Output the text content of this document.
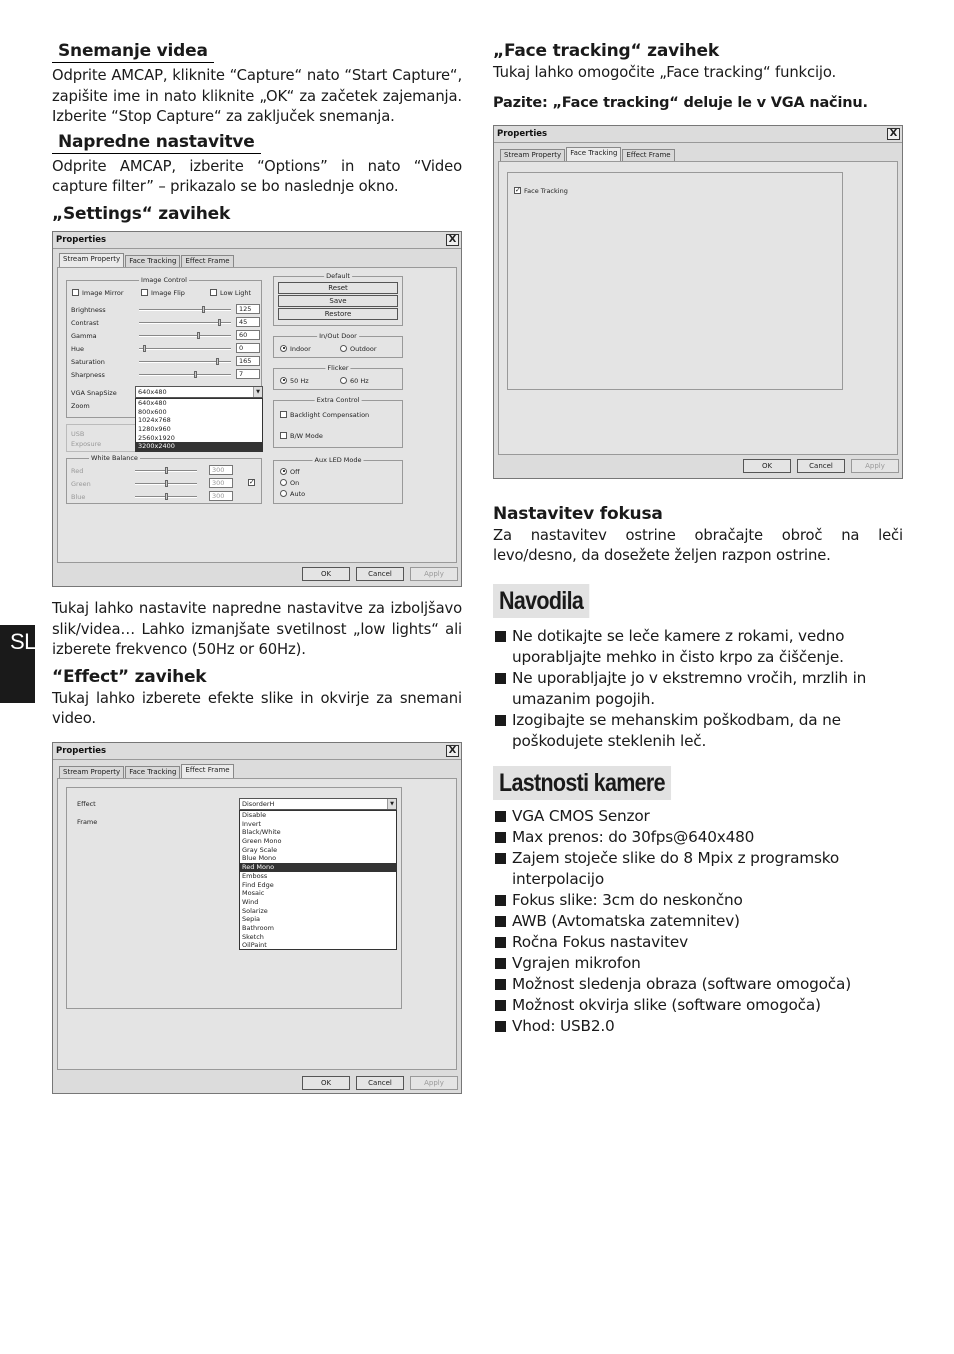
SL
Snemanje videa

Odprite AMCAP, kliknite “Capture“ nato “Start Capture“, zapišite ime in nato kliknite „OK“ za začetek zajemanja. Izberite “Stop Capture“ za zaključek snemanja.

Napredne nastavitve

Odprite AMCAP, izberite “Options” in nato “Video capture filter” – prikazalo se bo naslednje okno.

„Settings“ zavihek
Properties	X
Stream Property	Face Tracking	Effect Frame
Image Control
Image Mirror	Image Flip	Low Light
Brightness	125
Contrast	45
Gamma	60
Hue	0
Saturation	165
Sharpness	7
VGA SnapSize
Zoom
USB
Exposure
White Balance
Red
Green
Blue
300
300
300
✓
640x480	▼
640x480
800x600
1024x768
1280x960
2560x1920
3200x2400
Default
Reset
Save
Restore
In/Out Door
Indoor	Outdoor
Flicker
50 Hz	60 Hz
Extra Control
Backlight Compensation
B/W Mode
Aux LED Mode
Off
On
Auto
OK	Cancel	Apply

Tukaj lahko nastavite napredne nastavitve za izboljšavo slik/videa… Lahko izmanjšate svetilnost „low lights“ ali izberete frekvenco (50Hz or 60Hz).

“Effect” zavihek

Tukaj lahko izberete efekte slike in okvirje za snemani video.

Properties	X
Stream Property	Face Tracking	Effect Frame
Effect
Frame
DisorderH	▼
Disable
Invert
Black/White
Green Mono
Gray Scale
Blue Mono
Red Mono
Emboss
Find Edge
Mosaic
Wind
Solarize
Sepia
Bathroom
Sketch
OilPaint
OK	Cancel	Apply
„Face tracking“ zavihek

Tukaj lahko omogočite „Face tracking“ funkcijo.

Pazite: „Face tracking“ deluje le v VGA načinu.

Properties	X
Stream Property	Face Tracking	Effect Frame
✓ Face Tracking
OK	Cancel	Apply
Nastavitev fokusa

Za nastavitev ostrine obračajte obroč na leči levo/desno, da dosežete željen razpon ostrine.

Navodila
Ne dotikajte se leče kamere z rokami, vedno uporabljajte mehko in čisto krpo za čiščenje.
Ne uporabljajte jo v ekstremno vročih, mrzlih in umazanim pogojih.
Izogibajte se mehanskim poškodbam, da ne poškodujete steklenih leč.
Lastnosti kamere
VGA CMOS Senzor
Max prenos: do 30fps@640x480
Zajem stoječe slike do 8 Mpix z programsko interpolacijo
Fokus slike: 3cm do neskončno
AWB (Avtomatska zatemnitev)
Ročna Fokus nastavitev
Vgrajen mikrofon
Možnost sledenja obraza (software omogoča)
Možnost okvirja slike (software omogoča)
Vhod: USB2.0
